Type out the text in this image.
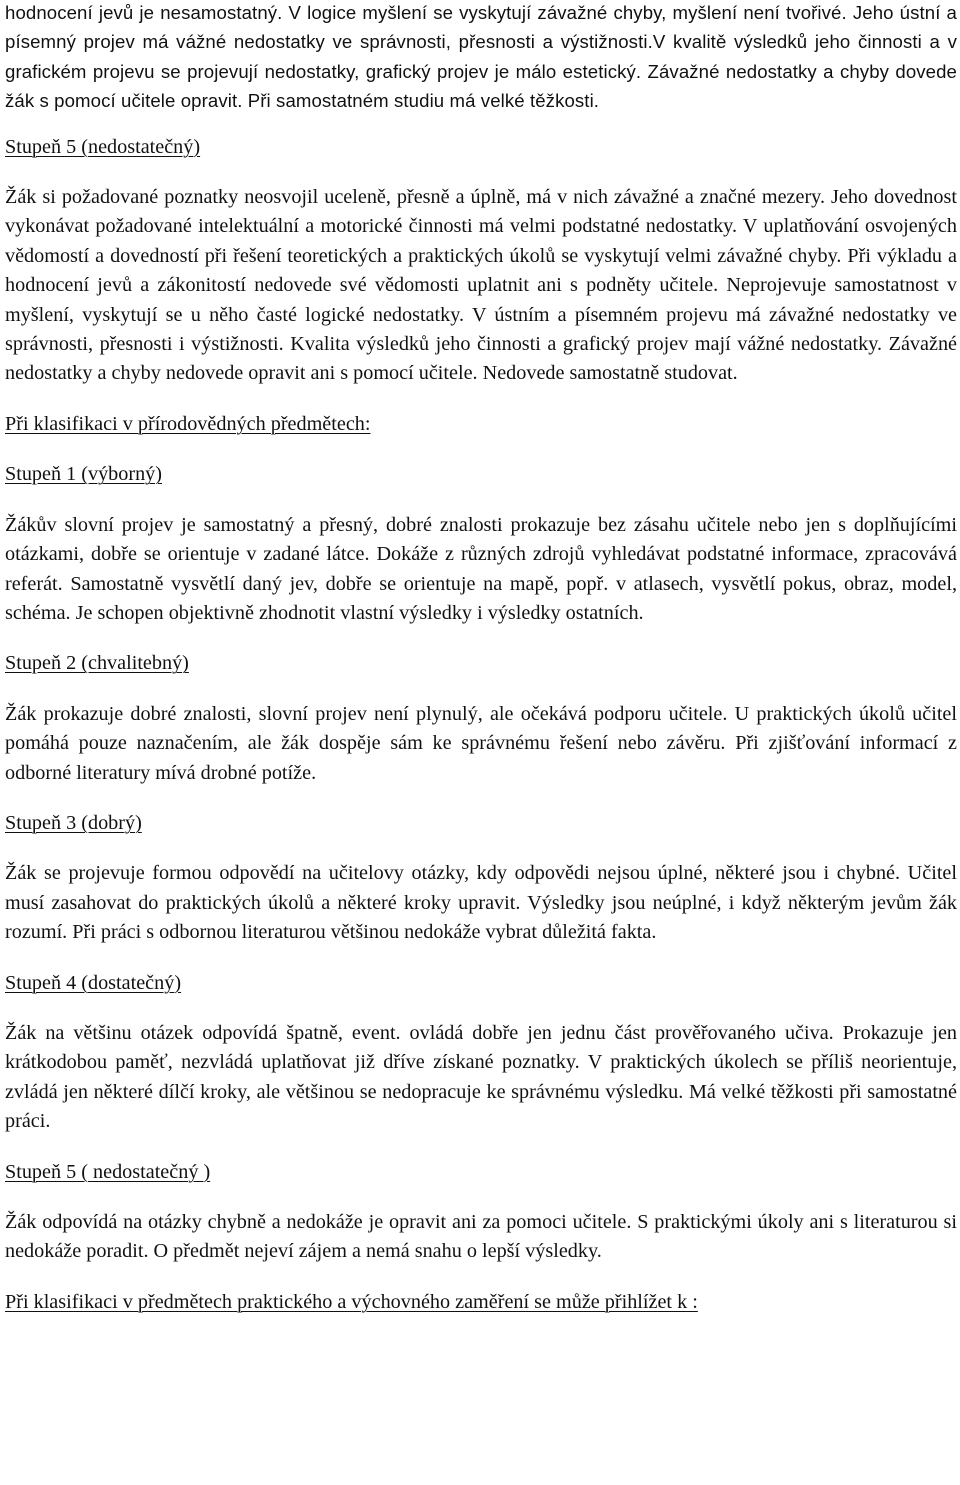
hodnocení jevů je nesamostatný. V logice myšlení se vyskytují závažné chyby, myšlení není tvořivé. Jeho ústní a písemný projev má vážné nedostatky ve správnosti, přesnosti a výstižnosti.V kvalitě výsledků jeho činnosti a v grafickém projevu se projevují nedostatky, grafický projev je málo estetický. Závažné nedostatky a chyby dovede žák s pomocí učitele opravit. Při samostatném studiu má velké těžkosti.

Stupeň 5 (nedostatečný)

Žák si požadované poznatky neosvojil uceleně, přesně a úplně, má v nich závažné a značné mezery. Jeho dovednost vykonávat požadované intelektuální a motorické činnosti má velmi podstatné nedostatky. V uplatňování osvojených vědomostí a dovedností při řešení teoretických a praktických úkolů se vyskytují velmi závažné chyby. Při výkladu a hodnocení jevů a zákonitostí nedovede své vědomosti uplatnit ani s podněty učitele. Neprojevuje samostatnost v myšlení, vyskytují se u něho časté logické nedostatky. V ústním a písemném projevu má závažné nedostatky ve správnosti, přesnosti i výstižnosti. Kvalita výsledků jeho činnosti a grafický projev mají vážné nedostatky. Závažné nedostatky a chyby nedovede opravit ani s pomocí učitele. Nedovede samostatně studovat.

Při klasifikaci v přírodovědných předmětech:

Stupeň 1 (výborný)

Žákův slovní projev je samostatný a přesný, dobré znalosti prokazuje bez zásahu učitele nebo jen s doplňujícími otázkami, dobře se orientuje v zadané látce. Dokáže z různých zdrojů vyhledávat podstatné informace, zpracovává referát. Samostatně vysvětlí daný jev, dobře se orientuje na mapě, popř. v atlasech, vysvětlí pokus, obraz, model, schéma. Je schopen objektivně zhodnotit vlastní výsledky i výsledky ostatních.

Stupeň 2 (chvalitebný)

Žák prokazuje dobré znalosti, slovní projev není plynulý, ale očekává podporu učitele. U praktických úkolů učitel pomáhá pouze naznačením, ale žák dospěje sám ke správnému řešení nebo závěru. Při zjišťování informací z odborné literatury mívá drobné potíže.

Stupeň 3 (dobrý)

Žák se projevuje formou odpovědí na učitelovy otázky, kdy odpovědi nejsou úplné, některé jsou i chybné. Učitel musí zasahovat do praktických úkolů a některé kroky upravit. Výsledky jsou neúplné, i když některým jevům žák rozumí. Při práci s odbornou literaturou většinou nedokáže vybrat důležitá fakta.

Stupeň 4 (dostatečný)

Žák na většinu otázek odpovídá špatně, event. ovládá dobře jen jednu část prověřovaného učiva. Prokazuje jen krátkodobou paměť, nezvládá uplatňovat již dříve získané poznatky. V praktických úkolech se příliš neorientuje, zvládá jen některé dílčí kroky, ale většinou se nedopracuje ke správnému výsledku. Má velké těžkosti při samostatné práci.

Stupeň 5 ( nedostatečný )

Žák odpovídá na otázky chybně a nedokáže je opravit ani za pomoci učitele. S praktickými úkoly ani s literaturou si nedokáže poradit. O předmět nejeví zájem a nemá snahu o lepší výsledky.

Při klasifikaci v předmětech praktického a výchovného zaměření se může přihlížet k :
